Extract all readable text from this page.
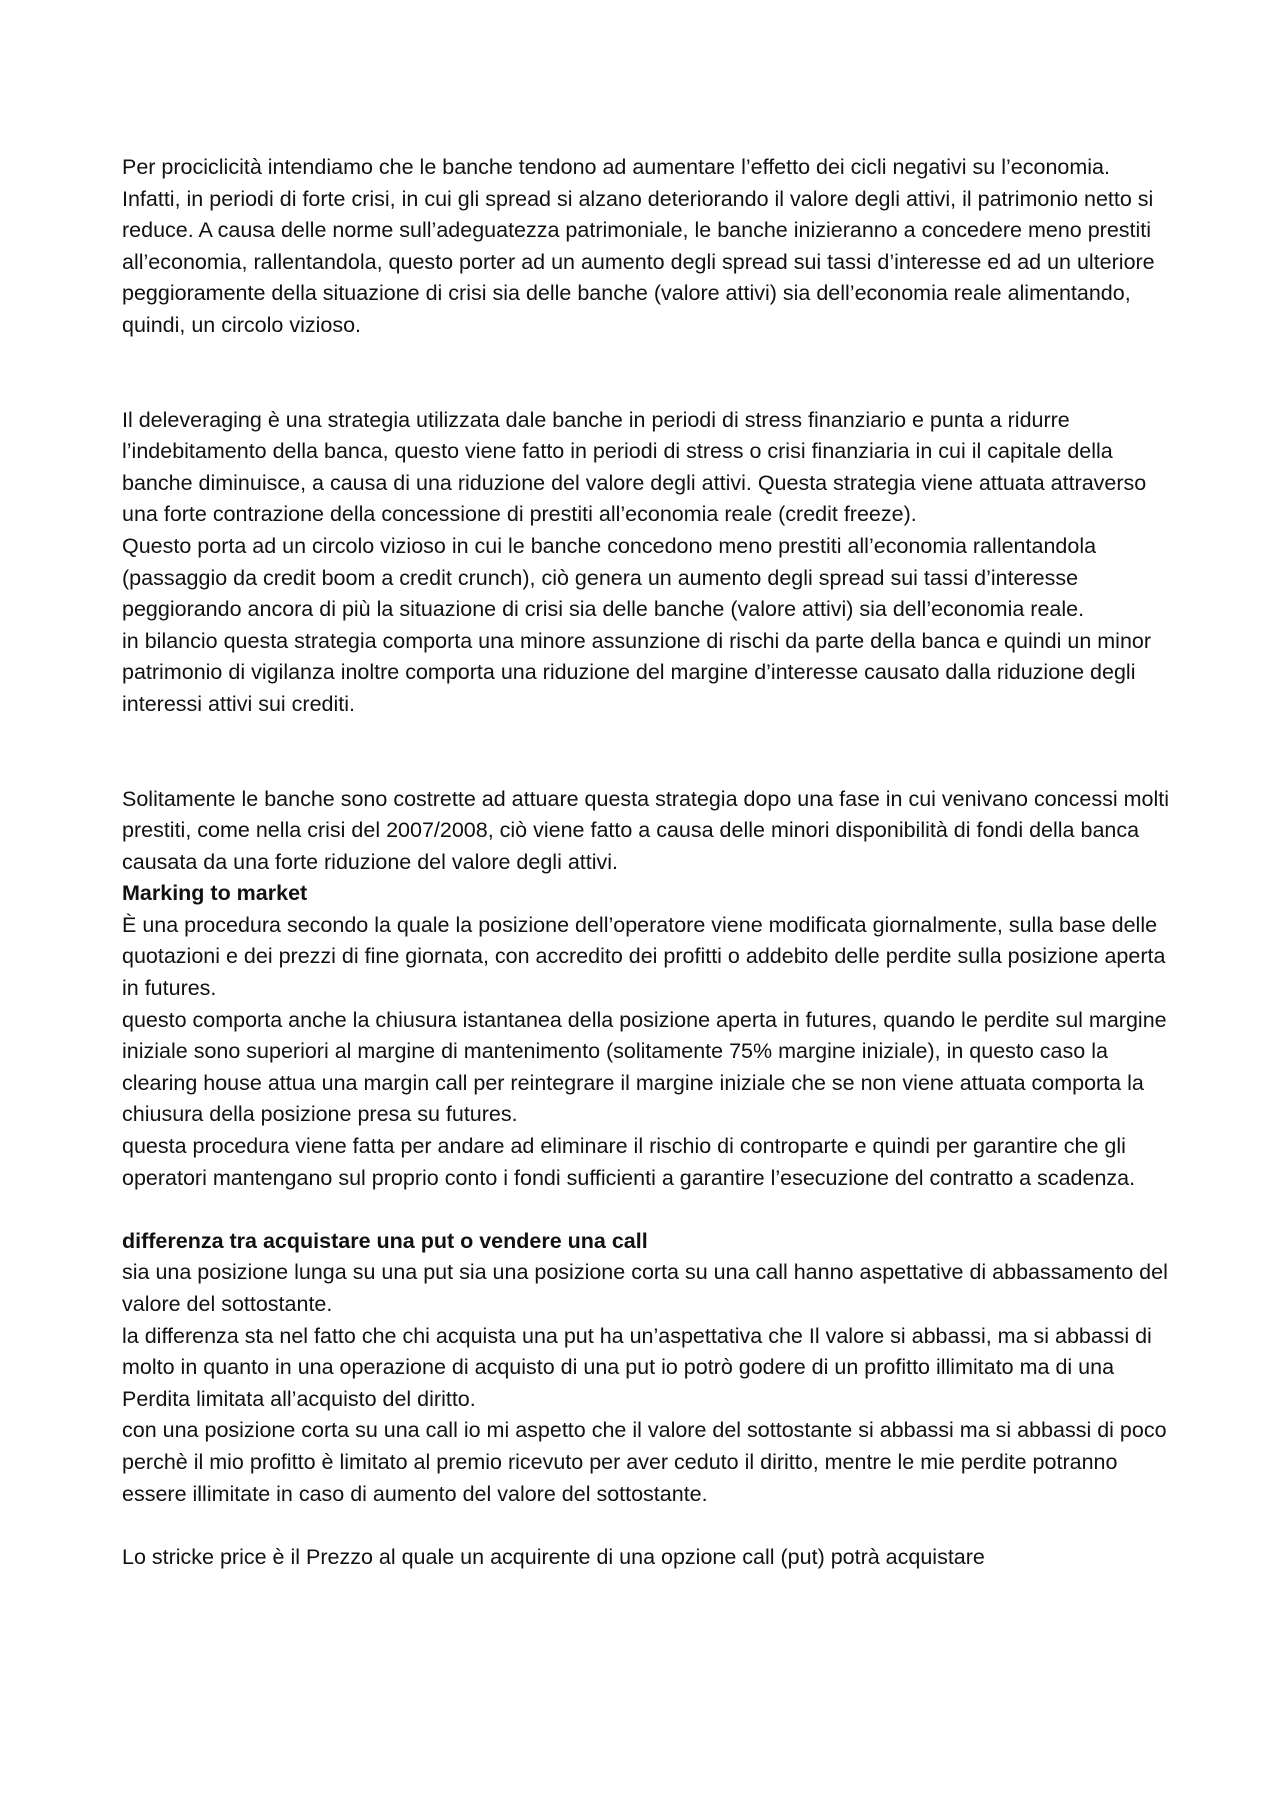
Per prociclicità intendiamo che le banche tendono ad aumentare l’effetto dei cicli negativi su l’economia. Infatti, in periodi di forte crisi, in cui gli spread si alzano deteriorando il valore degli attivi, il patrimonio netto si reduce. A causa delle norme sull’adeguatezza patrimoniale, le banche inizieranno a concedere meno prestiti all’economia, rallentandola, questo porter ad un aumento degli spread sui tassi d’interesse ed ad un ulteriore peggioramente della situazione di crisi sia delle banche (valore attivi) sia dell’economia reale alimentando, quindi, un circolo vizioso.

Il deleveraging è una strategia utilizzata dale banche in periodi di stress finanziario e punta a ridurre l’indebitamento della banca, questo viene fatto in periodi di stress o crisi finanziaria in cui il capitale della banche diminuisce, a causa di una riduzione del valore degli attivi. Questa strategia viene attuata attraverso una forte contrazione della concessione di prestiti all’economia reale (credit freeze).

Questo porta ad un circolo vizioso in cui le banche concedono meno prestiti all’economia rallentandola (passaggio da credit boom a credit crunch), ciò genera un aumento degli spread sui tassi d’interesse peggiorando ancora di più la situazione di crisi sia delle banche (valore attivi) sia dell’economia reale.

in bilancio questa strategia comporta una minore assunzione di rischi da parte della banca e quindi un minor patrimonio di vigilanza inoltre comporta una riduzione del margine d’interesse causato dalla riduzione degli interessi attivi sui crediti.

Solitamente le banche sono costrette ad attuare questa strategia dopo una fase in cui venivano concessi molti prestiti, come nella crisi del 2007/2008, ciò viene fatto a causa delle minori disponibilità di fondi della banca causata da una forte riduzione del valore degli attivi.

Marking to market

È una procedura secondo la quale la posizione dell’operatore viene modificata giornalmente, sulla base delle quotazioni e dei prezzi di fine giornata, con accredito dei profitti o addebito delle perdite sulla posizione aperta in futures.

questo comporta anche la chiusura istantanea della posizione aperta in futures, quando le perdite sul margine iniziale sono superiori al margine di mantenimento (solitamente 75% margine iniziale), in questo caso la clearing house attua una margin call per reintegrare il margine iniziale che se non viene attuata comporta la chiusura della posizione presa su futures.

questa procedura viene fatta per andare ad eliminare il rischio di controparte e quindi per garantire che gli operatori mantengano sul proprio conto i fondi sufficienti a garantire l’esecuzione del contratto a scadenza.

differenza tra acquistare una put o vendere una call

sia una posizione lunga su una put sia una posizione corta su una call hanno aspettative di abbassamento del valore del sottostante.

la differenza sta nel fatto che chi acquista una put ha un’aspettativa che Il valore si abbassi, ma si abbassi di molto in quanto in una operazione di acquisto di una put io potrò godere di un profitto illimitato ma di una Perdita limitata all’acquisto del diritto.

con una posizione corta su una call io mi aspetto che il valore del sottostante si abbassi ma si abbassi di poco perchè il mio profitto è limitato al premio ricevuto per aver ceduto il diritto, mentre le mie perdite potranno essere illimitate in caso di aumento del valore del sottostante.

Lo stricke price è il Prezzo al quale un acquirente di una opzione call (put) potrà acquistare
